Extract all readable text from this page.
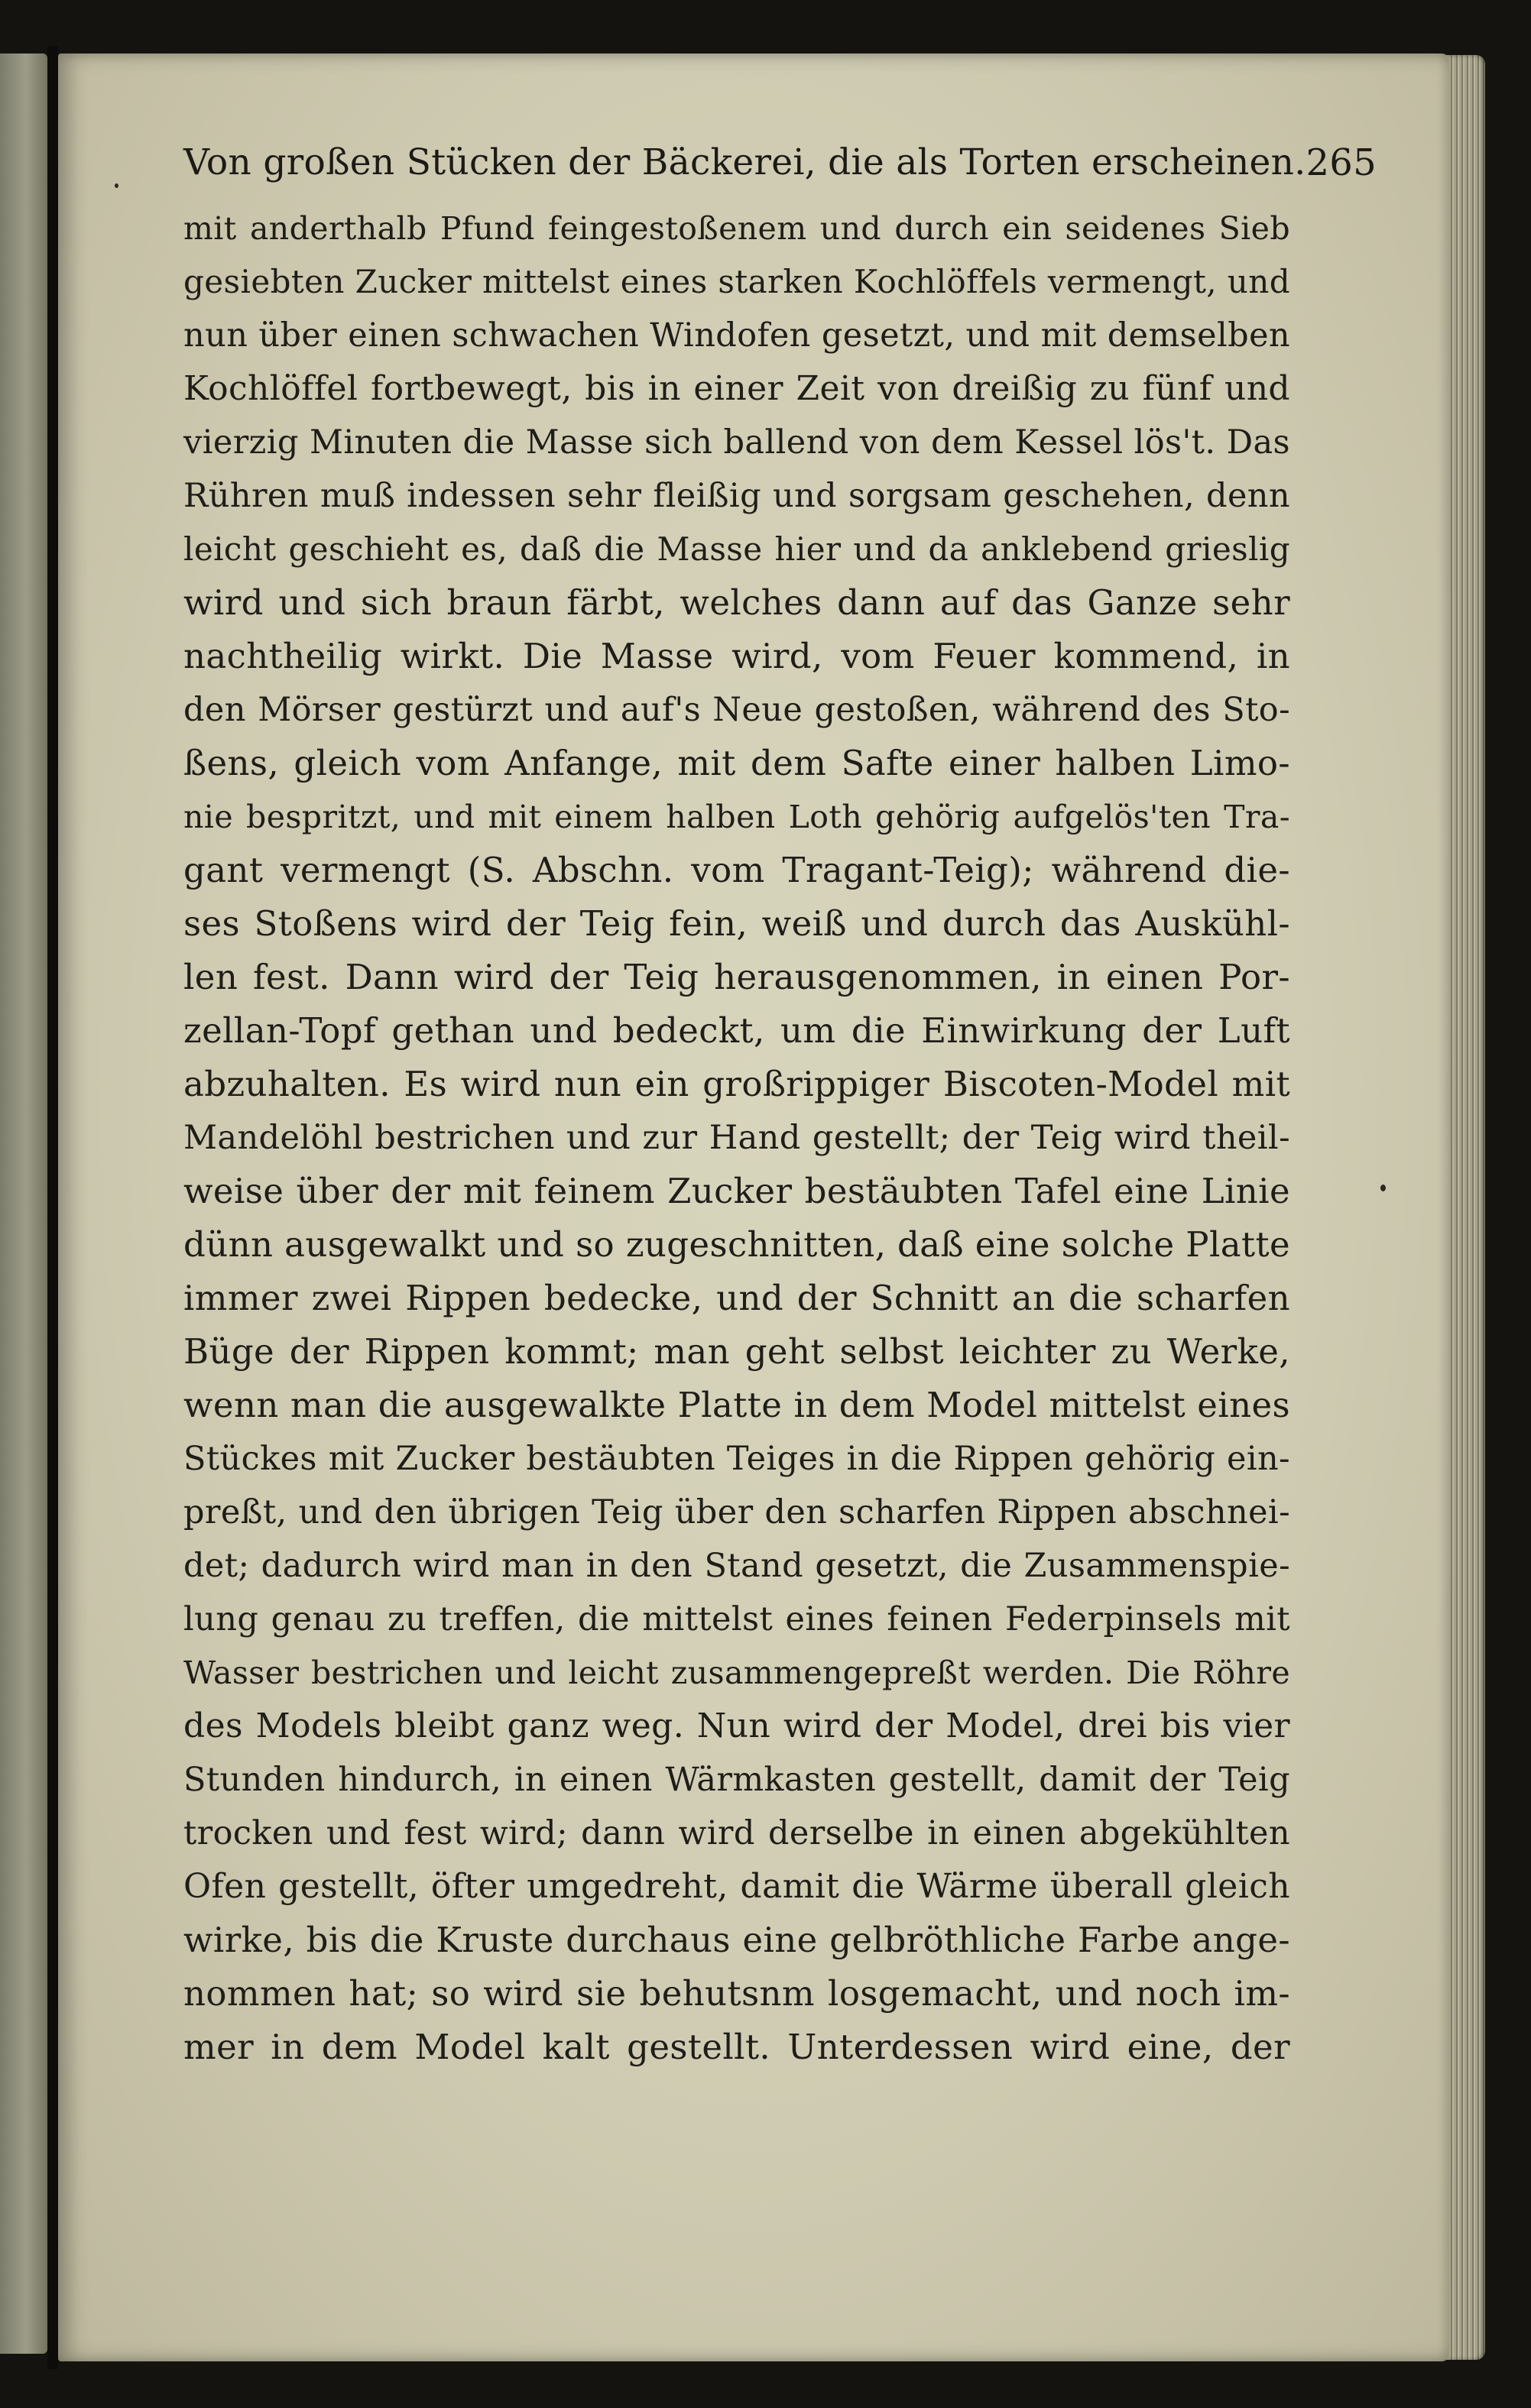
Von großen Stücken der Bäckerei, die als Torten erscheinen. 265
mit anderthalb Pfund feingestoßenem und durch ein seidenes Sieb
gesiebten Zucker mittelst eines starken Kochlöffels vermengt, und
nun über einen schwachen Windofen gesetzt, und mit demselben
Kochlöffel fortbewegt, bis in einer Zeit von dreißig zu fünf und
vierzig Minuten die Masse sich ballend von dem Kessel lös't. Das
Rühren muß indessen sehr fleißig und sorgsam geschehen, denn
leicht geschieht es, daß die Masse hier und da anklebend grieslig
wird und sich braun färbt, welches dann auf das Ganze sehr
nachtheilig wirkt. Die Masse wird, vom Feuer kommend, in
den Mörser gestürzt und auf's Neue gestoßen, während des Sto-
ßens, gleich vom Anfange, mit dem Safte einer halben Limo-
nie bespritzt, und mit einem halben Loth gehörig aufgelös'ten Tra-
gant vermengt (S. Abschn. vom Tragant-Teig); während die-
ses Stoßens wird der Teig fein, weiß und durch das Auskühl-
len fest. Dann wird der Teig herausgenommen, in einen Por-
zellan-Topf gethan und bedeckt, um die Einwirkung der Luft
abzuhalten. Es wird nun ein großrippiger Biscoten-Model mit
Mandelöhl bestrichen und zur Hand gestellt; der Teig wird theil-
weise über der mit feinem Zucker bestäubten Tafel eine Linie
dünn ausgewalkt und so zugeschnitten, daß eine solche Platte
immer zwei Rippen bedecke, und der Schnitt an die scharfen
Büge der Rippen kommt; man geht selbst leichter zu Werke,
wenn man die ausgewalkte Platte in dem Model mittelst eines
Stückes mit Zucker bestäubten Teiges in die Rippen gehörig ein-
preßt, und den übrigen Teig über den scharfen Rippen abschnei-
det; dadurch wird man in den Stand gesetzt, die Zusammenspie-
lung genau zu treffen, die mittelst eines feinen Federpinsels mit
Wasser bestrichen und leicht zusammengepreßt werden. Die Röhre
des Models bleibt ganz weg. Nun wird der Model, drei bis vier
Stunden hindurch, in einen Wärmkasten gestellt, damit der Teig
trocken und fest wird; dann wird derselbe in einen abgekühlten
Ofen gestellt, öfter umgedreht, damit die Wärme überall gleich
wirke, bis die Kruste durchaus eine gelbröthliche Farbe ange-
nommen hat; so wird sie behutsnm losgemacht, und noch im-
mer in dem Model kalt gestellt. Unterdessen wird eine, der
